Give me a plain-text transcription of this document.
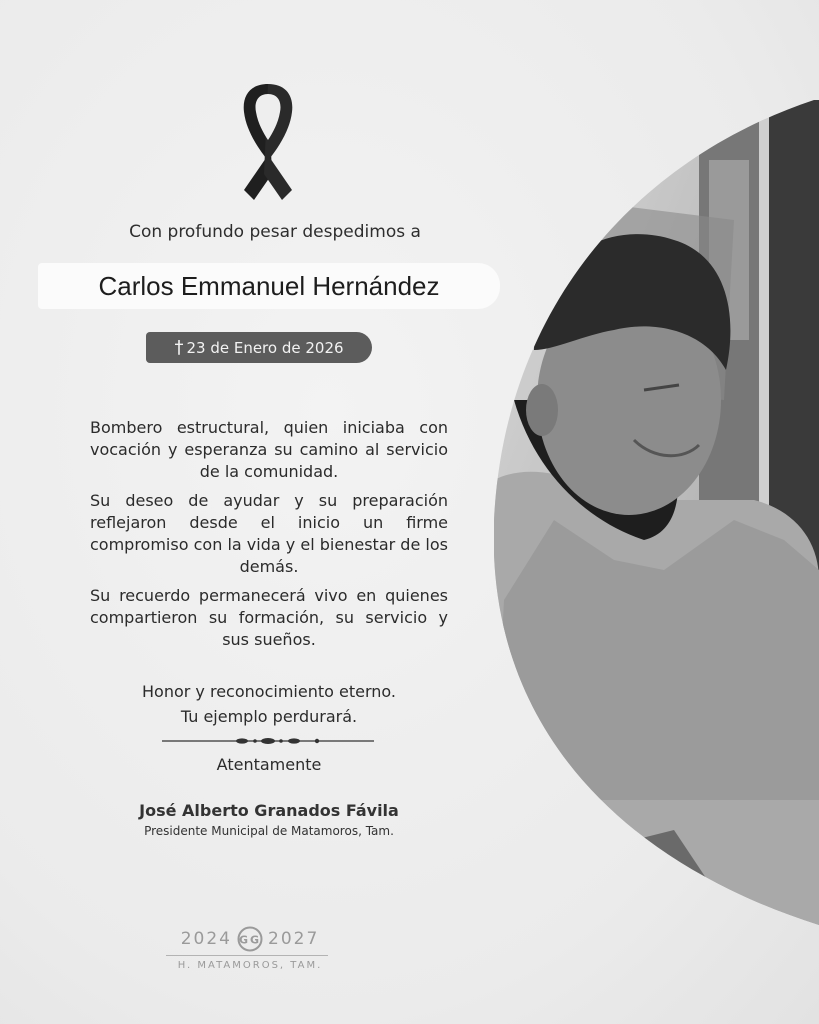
Con profundo pesar despedimos a
Carlos Emmanuel Hernández
† 23 de Enero de 2026
Bombero estructural, quien iniciaba con vocación y esperanza su camino al servicio de la comunidad.
Su deseo de ayudar y su preparación reflejaron desde el inicio un firme compromiso con la vida y el bienestar de los demás.
Su recuerdo permanecerá vivo en quienes compartieron su formación, su servicio y sus sueños.
Honor y reconocimiento eterno.
Tu ejemplo perdurará.
Atentamente
José Alberto Granados Fávila
Presidente Municipal de Matamoros, Tam.
2024 GG 2027
H. MATAMOROS, TAM.
